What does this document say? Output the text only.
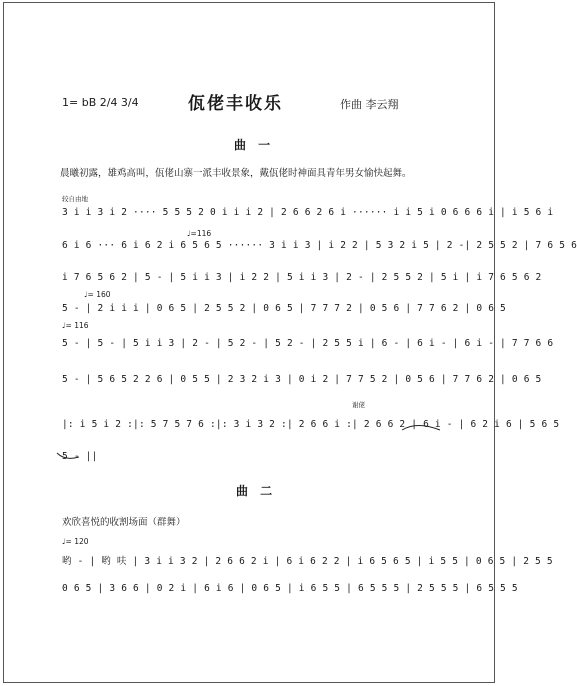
1= bB 2/4 3/4	佤佬丰收乐	作曲 李云翔
曲 一
晨曦初露，雄鸡高叫，佤佬山寨一派丰收景象，戴佤佬时神面具青年男女愉快起舞。
较自由地
3 i i 3 i 2 ···· 5 5 5 2 0 i i i 2 | 2 6 6 2 6 i ······ i i 5 i 0 6 6 6 i | i 5 6 i
♩=116
6 i 6 ··· 6 i 6 2 i 6 5 6 5 ······ 3 i i 3 | i 2 2 | 5 3 2 i 5 | 2 -| 2 5 5 2 | 7 6 5 6
i 7 6 5 6 2 | 5 - | 5 i i 3 | i 2 2 | 5 i i 3 | 2 - | 2 5 5 2 | 5 i | i 7 6 5 6 2
♩= 160
5 - | 2 i i i | 0 6 5 | 2 5 5 2 | 0 6 5 | 7 7 7 2 | 0 5 6 | 7 7 6 2 | 0 6 5
♩= 116
5 - | 5 - | 5 i i 3 | 2 - | 5 2 - | 5 2 - | 2 5 5 i | 6 - | 6 i - | 6 i - | 7 7 6 6
5 - | 5 6 5 2 2 6 | 0 5 5 | 2 3 2 i 3 | 0 i 2 | 7 7 5 2 | 0 5 6 | 7 7 6 2 | 0 6 5
谢佬
|: i 5 i 2 :|: 5 7 5 7 6 :|: 3 i 3 2 :| 2 6 6 i :| 2 6 6 2 | 6 i - | 6 2 i 6 | 5 6 5
5 - ||
曲 二
欢欣喜悦的收割场面（群舞）
♩= 120
哟 - | 哟 呋 | 3 i i 3 2 | 2 6 6 2 i | 6 i 6 2 2 | i 6 5 6 5 | i 5 5 | 0 6 5 | 2 5 5
0 6 5 | 3 6 6 | 0 2 i | 6 i 6 | 0 6 5 | i 6 5 5 | 6 5 5 5 | 2 5 5 5 | 6 5 5 5
